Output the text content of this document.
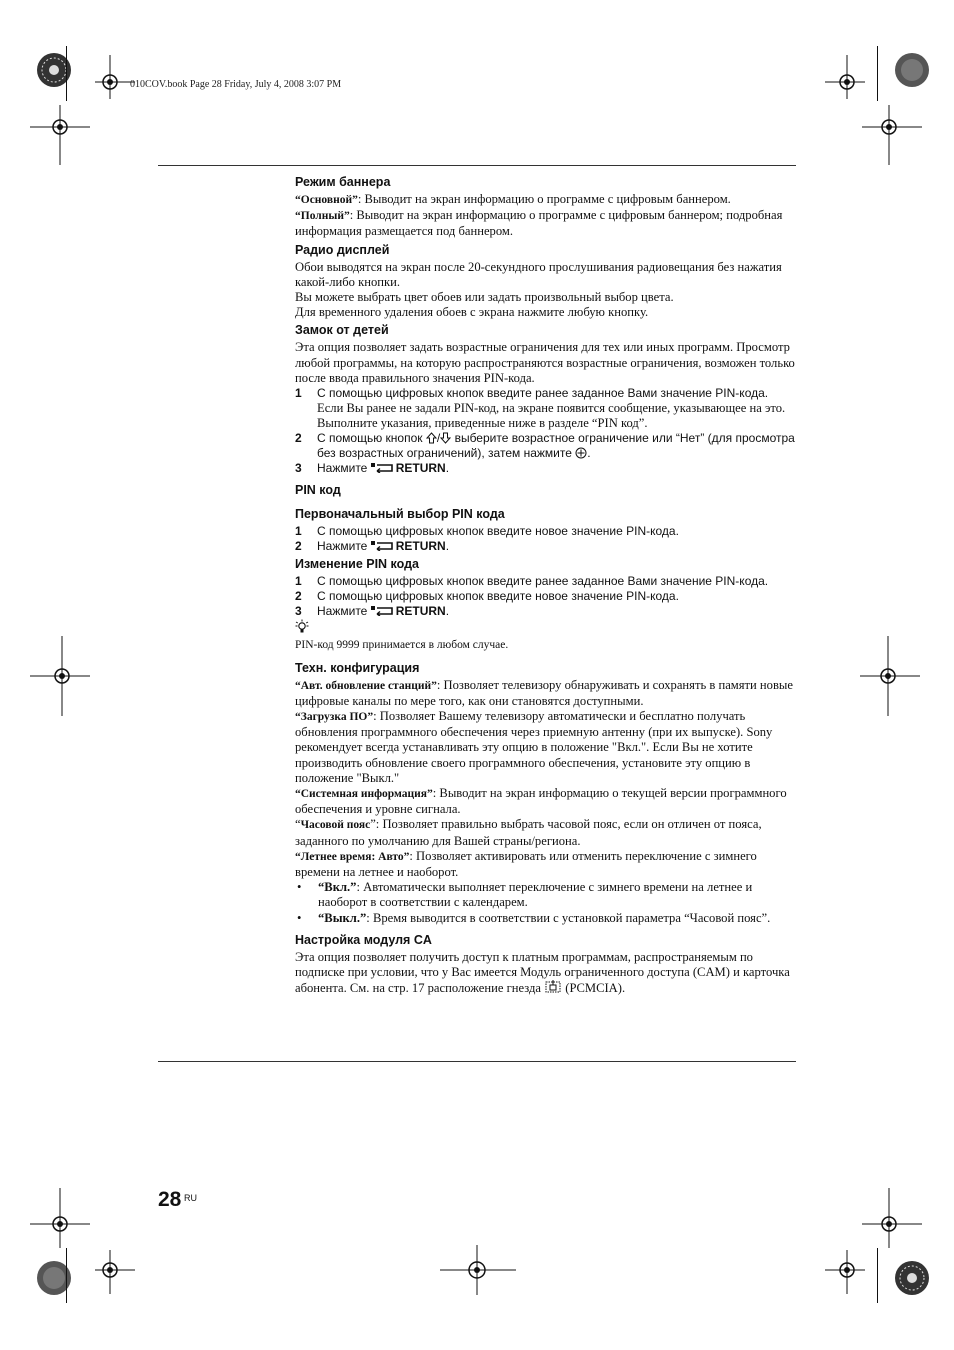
010COV.book Page 28 Friday, July 4, 2008 3:07 PM
Режим баннера

“Основной”: Выводит на экран информацию о программе с цифровым баннером.

“Полный”: Выводит на экран информацию о программе с цифровым баннером; подробная информация размещается под баннером.

Радио дисплей

Обои выводятся на экран после 20-секундного прослушивания радиовещания без нажатия какой-либо кнопки.

Вы можете выбрать цвет обоев или задать произвольный выбор цвета.

Для временного удаления обоев с экрана нажмите любую кнопку.

Замок от детей

Эта опция позволяет задать возрастные ограничения для тех или иных программ. Просмотр любой программы, на которую распространяются возрастные ограничения, возможен только после ввода правильного значения PIN-кода.

1 С помощью цифровых кнопок введите ранее заданное Вами значение PIN-кода.
Если Вы ранее не задали PIN-код, на экране появится сообщение, указывающее на это. Выполните указания, приведенные ниже в разделе “PIN код”.
2 С помощью кнопок / выберите возрастное ограничение или “Нет” (для просмотра без возрастных ограничений), затем нажмите .
3 Нажмите RETURN.
PIN код
Первоначальный выбор PIN кода
1 С помощью цифровых кнопок введите новое значение PIN-кода.
2 Нажмите RETURN.
Изменение PIN кода
1 С помощью цифровых кнопок введите ранее заданное Вами значение PIN-кода.
2 С помощью цифровых кнопок введите новое значение PIN-кода.
3 Нажмите RETURN.

PIN-код 9999 принимается в любом случае.

Техн. конфигурация

“Авт. обновление станций”: Позволяет телевизору обнаруживать и сохранять в памяти новые цифровые каналы по мере того, как они становятся доступными.

“Загрузка ПО”: Позволяет Вашему телевизору автоматически и бесплатно получать обновления программного обеспечения через приемную антенну (при их выпуске). Sony рекомендует всегда устанавливать эту опцию в положение "Вкл.". Если Вы не хотите производить обновление своего программного обеспечения, установите эту опцию в положение "Выкл."

“Системная информация”: Выводит на экран информацию о текущей версии программного обеспечения и уровне сигнала.

“Часовой пояс”: Позволяет правильно выбрать часовой пояс, если он отличен от пояса, заданного по умолчанию для Вашей страны/региона.

“Летнее время: Авто”: Позволяет активировать или отменить переключение с зимнего времени на летнее и наоборот.

• “Вкл.”: Автоматически выполняет переключение с зимнего времени на летнее и наоборот в соответствии с календарем.
• “Выкл.”: Время выводится в соответствии с установкой параметра “Часовой пояс”.
Настройка модуля CA

Эта опция позволяет получить доступ к платным программам, распространяемым по подписке при условии, что у Вас имеется Модуль ограниченного доступа (CAM) и карточка абонента. См. на стр. 17 расположение гнезда (PCMCIA).

28 RU
